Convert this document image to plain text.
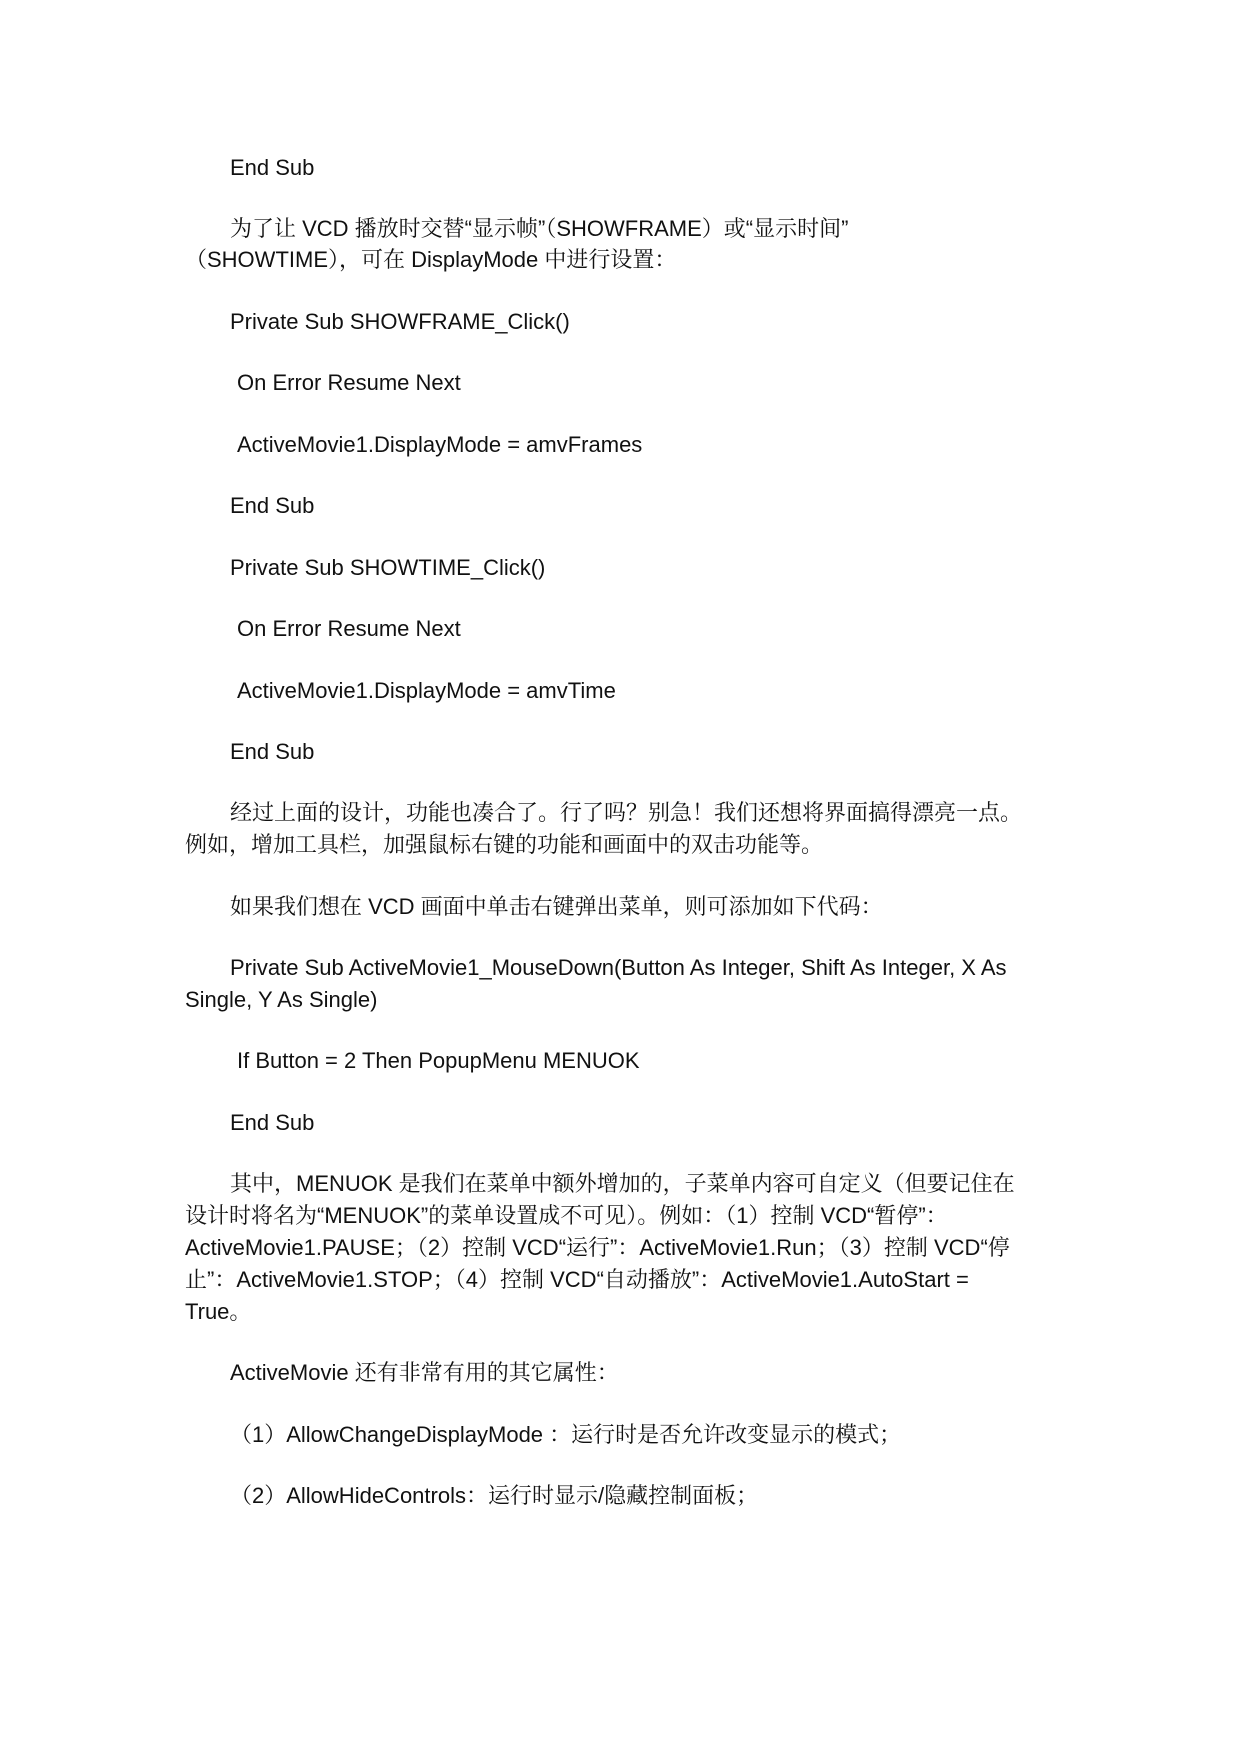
End Sub
为了让 VCD 播放时交替“显示帧”（SHOWFRAME）或“显示时间”
（SHOWTIME），可在 DisplayMode 中进行设置：
Private Sub SHOWFRAME_Click()
On Error Resume Next
ActiveMovie1.DisplayMode = amvFrames
End Sub
Private Sub SHOWTIME_Click()
On Error Resume Next
ActiveMovie1.DisplayMode = amvTime
End Sub
经过上面的设计，功能也凑合了。行了吗？别急！我们还想将界面搞得漂亮一点。
例如，增加工具栏，加强鼠标右键的功能和画面中的双击功能等。
如果我们想在 VCD 画面中单击右键弹出菜单，则可添加如下代码：
Private Sub ActiveMovie1_MouseDown(Button As Integer, Shift As Integer, X As
Single, Y As Single)
If Button = 2 Then PopupMenu MENUOK
End Sub
其中，MENUOK 是我们在菜单中额外增加的，子菜单内容可自定义（但要记住在
设计时将名为“MENUOK”的菜单设置成不可见）。例如：（1）控制 VCD“暂停”：
ActiveMovie1.PAUSE；（2）控制 VCD“运行”：ActiveMovie1.Run；（3）控制 VCD“停
止”：ActiveMovie1.STOP；（4）控制 VCD“自动播放”：ActiveMovie1.AutoStart =
True。
ActiveMovie 还有非常有用的其它属性：
（1）AllowChangeDisplayMode ：运行时是否允许改变显示的模式；
（2）AllowHideControls：运行时显示/隐藏控制面板；
